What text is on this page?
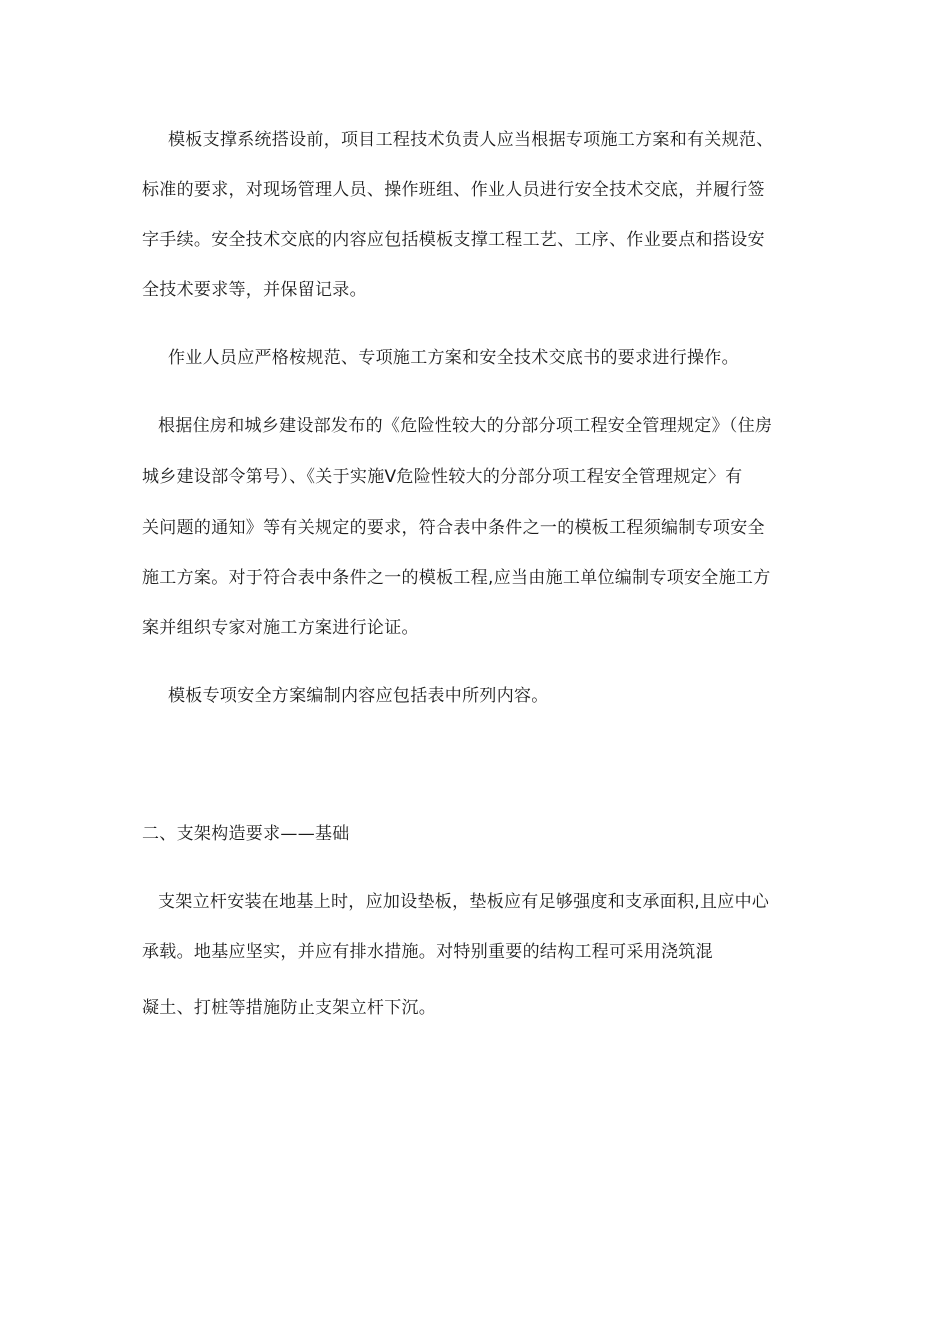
模板支撑系统搭设前，项目工程技术负责人应当根据专项施工方案和有关规范、
标准的要求，对现场管理人员、操作班组、作业人员进行安全技术交底，并履行签
字手续。安全技术交底的内容应包括模板支撑工程工艺、工序、作业要点和搭设安
全技术要求等，并保留记录。
作业人员应严格桉规范、专项施工方案和安全技术交底书的要求进行操作。
根据住房和城乡建设部发布的《危险性较大的分部分项工程安全管理规定》（住房
城乡建设部令第号）、《关于实施Ⅴ危险性较大的分部分项工程安全管理规定〉有
关问题的通知》等有关规定的要求，符合表中条件之一的模板工程须编制专项安全
施工方案。对于符合表中条件之一的模板工程,应当由施工单位编制专项安全施工方
案并组织专家对施工方案进行论证。
模板专项安全方案编制内容应包括表中所列内容。
二、支架构造要求——基础
支架立杆安装在地基上时，应加设垫板，垫板应有足够强度和支承面积,且应中心
承载。地基应坚实，并应有排水措施。对特别重要的结构工程可采用浇筑混
凝土、打桩等措施防止支架立杆下沉。
